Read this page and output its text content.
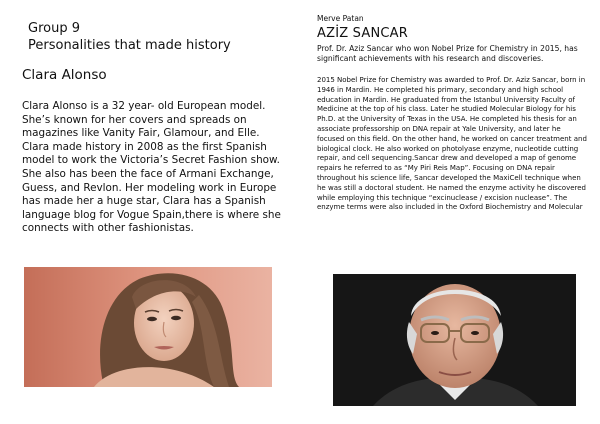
Group 9
Personalities that made history
Clara Alonso

Clara Alonso is a 32 year- old European model. She’s known for her covers and spreads on magazines like Vanity Fair, Glamour, and Elle. Clara made history in 2008 as the first Spanish model to work the Victoria’s Secret Fashion show. She also has been the face of Armani Exchange, Guess, and Revlon. Her modeling work in Europe has made her a huge star, Clara has a Spanish language blog for Vogue Spain,there is where she connects with other fashionistas.

Merve Patan
AZİZ SANCAR

Prof. Dr. Aziz Sancar who won Nobel Prize for Chemistry in 2015, has significant achievements with his research and discoveries.

2015 Nobel Prize for Chemistry was awarded to Prof. Dr. Aziz Sancar, born in 1946 in Mardin. He completed his primary, secondary and high school education in Mardin. He graduated from the Istanbul University Faculty of Medicine at the top of his class. Later he studied Molecular Biology for his Ph.D. at the University of Texas in the USA. He completed his thesis for an associate professorship on DNA repair at Yale University, and later he focused on this field. On the other hand, he worked on cancer treatment and biological clock. He also worked on photolyase enzyme, nucleotide cutting repair, and cell sequencing.Sancar drew and developed a map of genome repairs he referred to as “My Piri Reis Map”. Focusing on DNA repair throughout his science life, Sancar developed the MaxiCell technique when he was still a doctoral student. He named the enzyme activity he discovered while employing this technique “excinuclease / excision nuclease”. The enzyme terms were also included in the Oxford Biochemistry and Molecular
